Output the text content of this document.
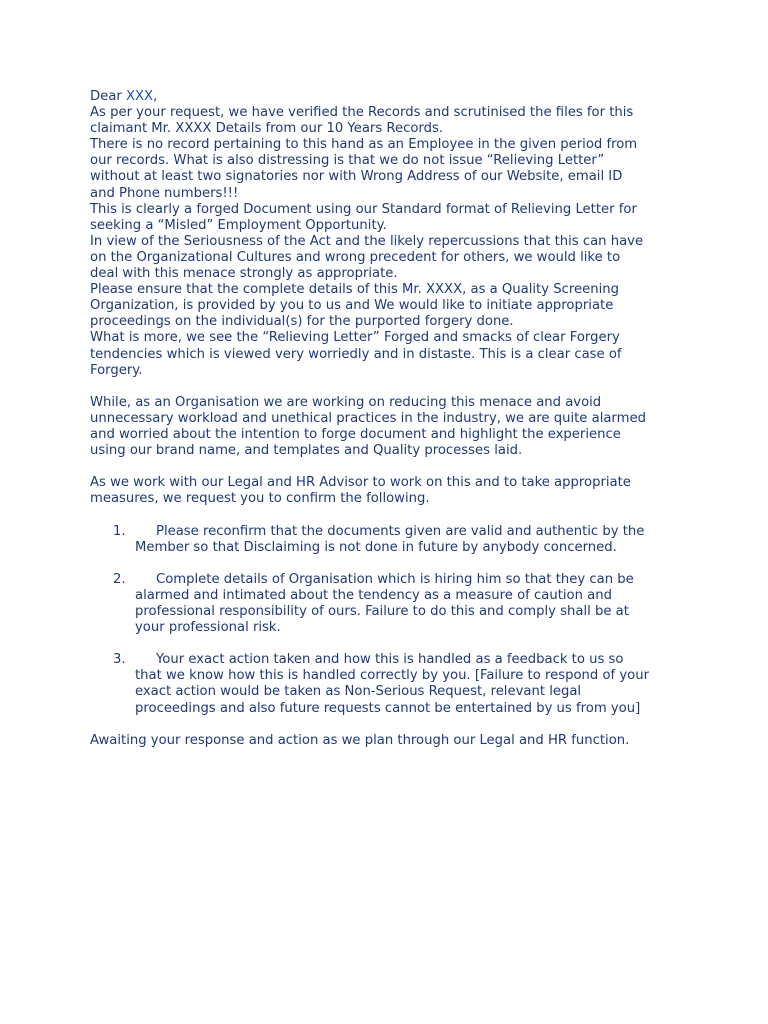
Dear XXX,
As per your request, we have verified the Records and scrutinised the files for this
claimant Mr. XXXX Details from our 10 Years Records.
There is no record pertaining to this hand as an Employee in the given period from
our records. What is also distressing is that we do not issue “Relieving Letter”
without at least two signatories nor with Wrong Address of our Website, email ID
and Phone numbers!!!
This is clearly a forged Document using our Standard format of Relieving Letter for
seeking a “Misled” Employment Opportunity.
In view of the Seriousness of the Act and the likely repercussions that this can have
on the Organizational Cultures and wrong precedent for others, we would like to
deal with this menace strongly as appropriate.
Please ensure that the complete details of this Mr. XXXX, as a Quality Screening
Organization, is provided by you to us and We would like to initiate appropriate
proceedings on the individual(s) for the purported forgery done.
What is more, we see the “Relieving Letter” Forged and smacks of clear Forgery
tendencies which is viewed very worriedly and in distaste. This is a clear case of
Forgery.
While, as an Organisation we are working on reducing this menace and avoid
unnecessary workload and unethical practices in the industry, we are quite alarmed
and worried about the intention to forge document and highlight the experience
using our brand name, and templates and Quality processes laid.
As we work with our Legal and HR Advisor to work on this and to take appropriate
measures, we request you to confirm the following.
1.	Please reconfirm that the documents given are valid and authentic by the
Member so that Disclaiming is not done in future by anybody concerned.
2.	Complete details of Organisation which is hiring him so that they can be
alarmed and intimated about the tendency as a measure of caution and
professional responsibility of ours. Failure to do this and comply shall be at
your professional risk.
3.	Your exact action taken and how this is handled as a feedback to us so
that we know how this is handled correctly by you. [Failure to respond of your
exact action would be taken as Non-Serious Request, relevant legal
proceedings and also future requests cannot be entertained by us from you]
Awaiting your response and action as we plan through our Legal and HR function.
